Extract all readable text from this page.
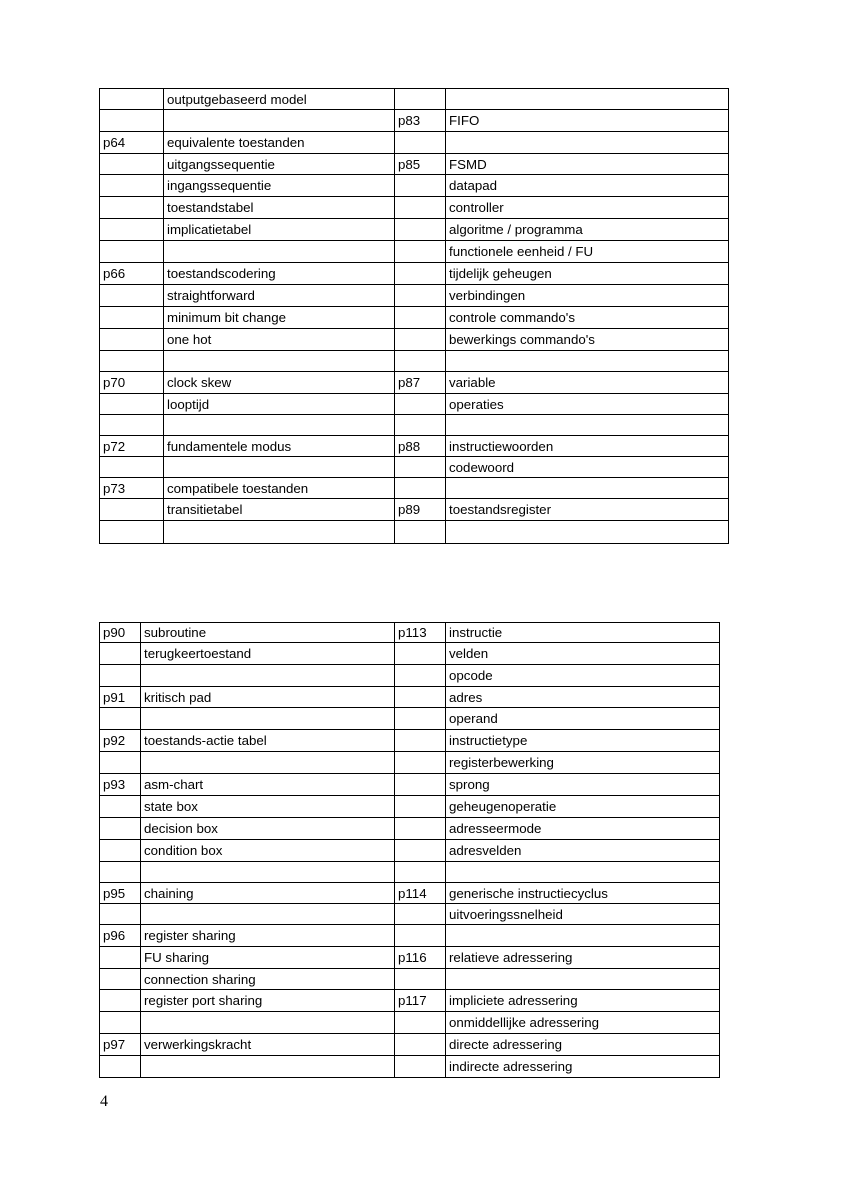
	outputgebaseerd model		
		p83	FIFO
p64	equivalente toestanden		
	uitgangssequentie	p85	FSMD
	ingangssequentie		datapad
	toestandstabel		controller
	implicatietabel		algoritme / programma
			functionele eenheid / FU
p66	toestandscodering		tijdelijk geheugen
	straightforward		verbindingen
	minimum bit change		controle commando's
	one hot		bewerkings commando's

p70	clock skew	p87	variable
	looptijd		operaties

p72	fundamentele modus	p88	instructiewoorden
			codewoord
p73	compatibele toestanden		
	transitietabel	p89	toestandsregister

p90	subroutine	p113	instructie
	terugkeertoestand		velden
			opcode
p91	kritisch pad		adres
			operand
p92	toestands-actie tabel		instructietype
			registerbewerking
p93	asm-chart		sprong
	state box		geheugenoperatie
	decision box		adresseermode
	condition box		adresvelden

p95	chaining	p114	generische instructiecyclus
			uitvoeringssnelheid
p96	register sharing		
	FU sharing	p116	relatieve adressering
	connection sharing		
	register port sharing	p117	impliciete adressering
			onmiddellijke adressering
p97	verwerkingskracht		directe adressering
			indirecte adressering
4
